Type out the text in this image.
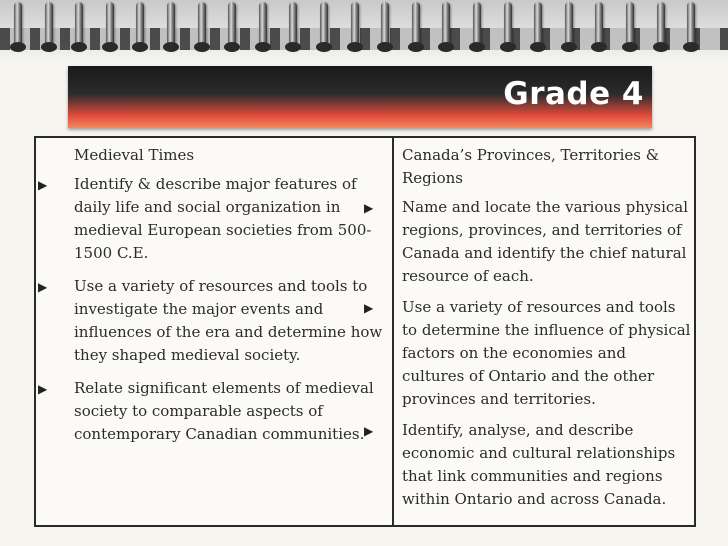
Grade 4
Medieval Times
▶ Identify & describe major features of daily life and social organization in medieval European societies from 500-1500 C.E.
▶ Use a variety of resources and tools to investigate the major events and influences of the era and determine how they shaped medieval society.
▶ Relate significant elements of medieval society to comparable aspects of contemporary Canadian communities.
Canada’s Provinces, Territories & Regions
▶ Name and locate the various physical regions, provinces, and territories of Canada and identify the chief natural resource of each.
▶ Use a variety of resources and tools to determine the influence of physical factors on the economies and cultures of Ontario and the other provinces and territories.
▶ Identify, analyse, and describe economic and cultural relationships that link communities and regions within Ontario and across Canada.
